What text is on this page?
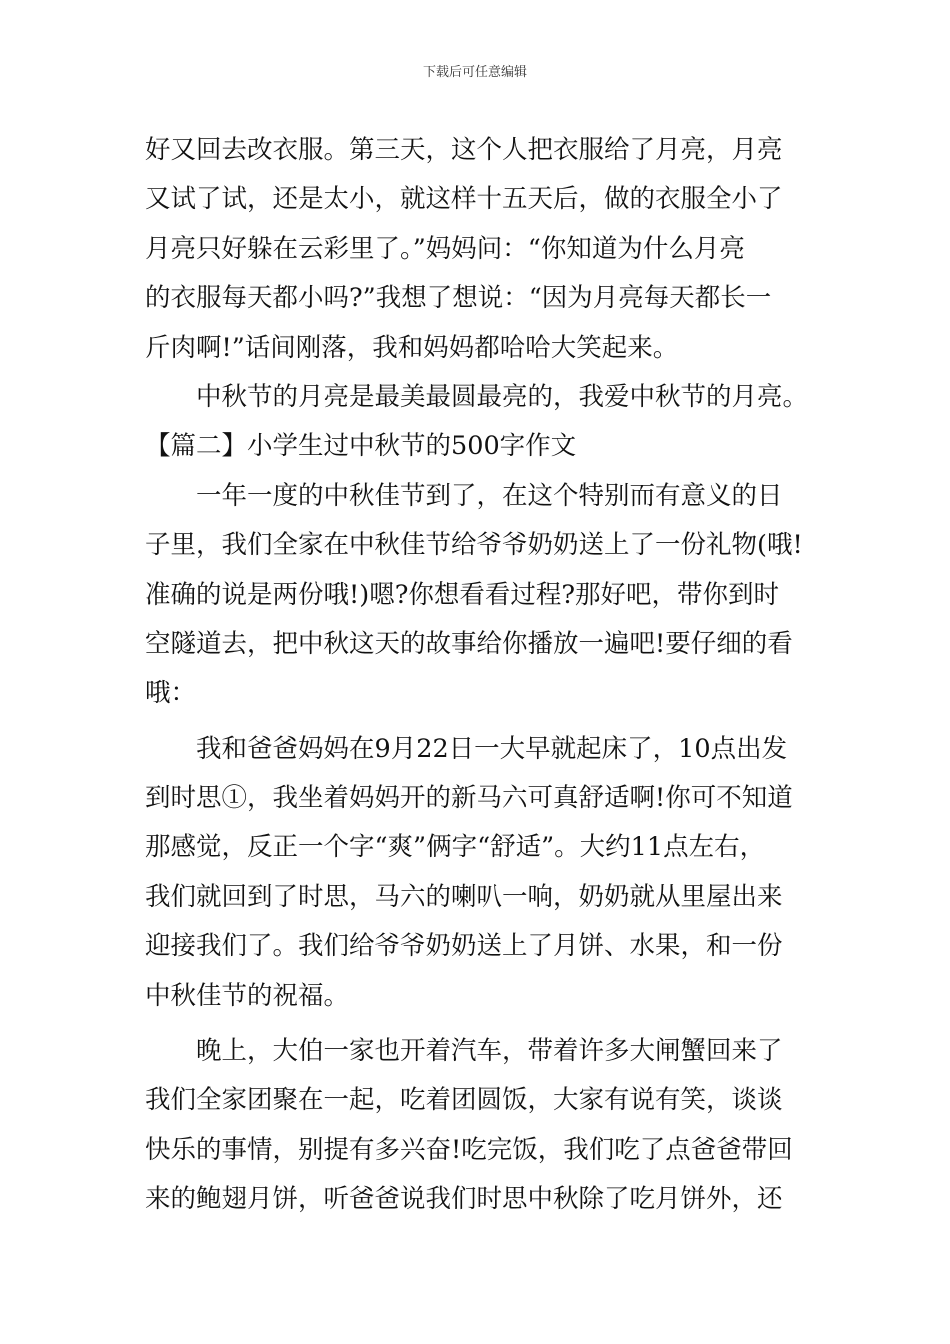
下载后可任意编辑
好又回去改衣服。第三天，这个人把衣服给了月亮，月亮
又试了试，还是太小，就这样十五天后，做的衣服全小了
月亮只好躲在云彩里了。”妈妈问：“你知道为什么月亮
的衣服每天都小吗?”我想了想说：“因为月亮每天都长一
斤肉啊!”话间刚落，我和妈妈都哈哈大笑起来。
　　中秋节的月亮是最美最圆最亮的，我爱中秋节的月亮。
【篇二】小学生过中秋节的500字作文
　　一年一度的中秋佳节到了，在这个特别而有意义的日
子里，我们全家在中秋佳节给爷爷奶奶送上了一份礼物(哦!
准确的说是两份哦!)嗯?你想看看过程?那好吧，带你到时
空隧道去，把中秋这天的故事给你播放一遍吧!要仔细的看
哦：
　　我和爸爸妈妈在9月22日一大早就起床了，10点出发
到时思①，我坐着妈妈开的新马六可真舒适啊!你可不知道
那感觉，反正一个字“爽”俩字“舒适”。大约11点左右，
我们就回到了时思，马六的喇叭一响，奶奶就从里屋出来
迎接我们了。我们给爷爷奶奶送上了月饼、水果，和一份
中秋佳节的祝福。
　　晚上，大伯一家也开着汽车，带着许多大闸蟹回来了
我们全家团聚在一起，吃着团圆饭，大家有说有笑，谈谈
快乐的事情，别提有多兴奋!吃完饭，我们吃了点爸爸带回
来的鲍翅月饼，听爸爸说我们时思中秋除了吃月饼外，还
